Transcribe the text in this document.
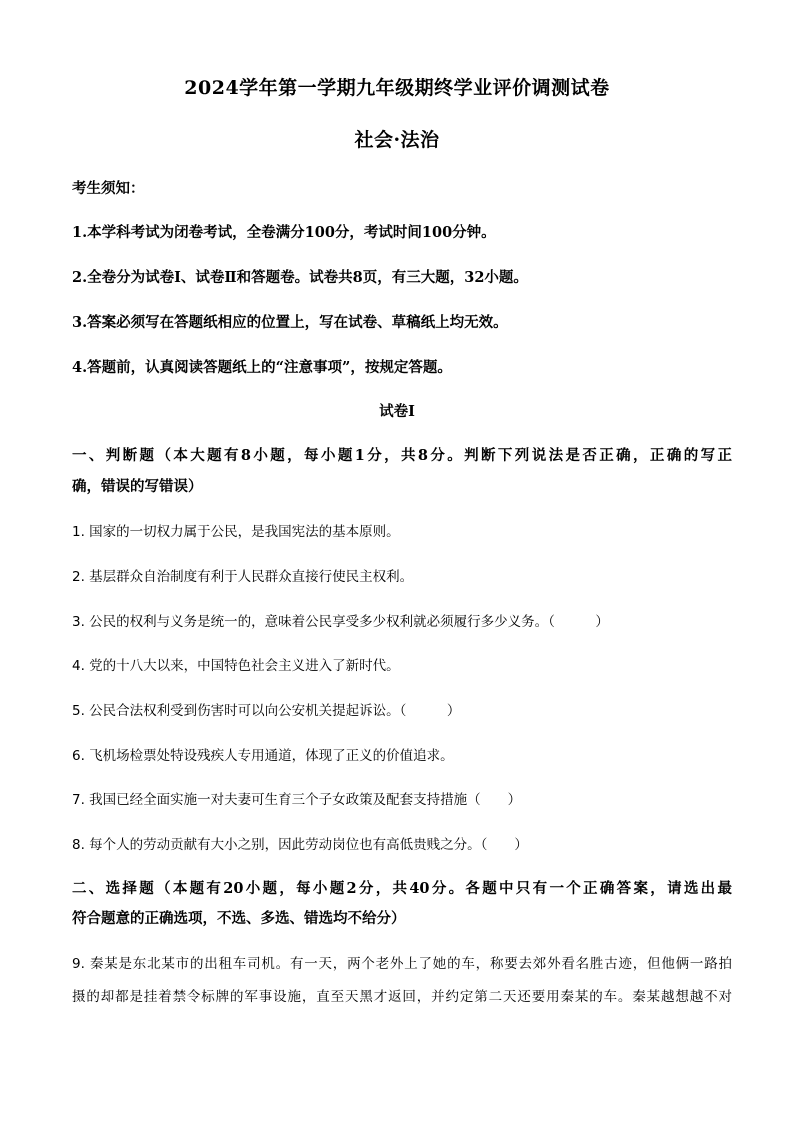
2024学年第一学期九年级期终学业评价调测试卷
社会·法治
考生须知：
1.本学科考试为闭卷考试，全卷满分100分，考试时间100分钟。
2.全卷分为试卷Ⅰ、试卷Ⅱ和答题卷。试卷共8页，有三大题，32小题。
3.答案必须写在答题纸相应的位置上，写在试卷、草稿纸上均无效。
4.答题前，认真阅读答题纸上的“注意事项”，按规定答题。
试卷I
一、判断题（本大题有8小题，每小题1分，共8分。判断下列说法是否正确，正确的写正
确，错误的写错误）
1. 国家的一切权力属于公民，是我国宪法的基本原则。
2. 基层群众自治制度有利于人民群众直接行使民主权利。
3. 公民的权利与义务是统一的，意味着公民享受多少权利就必须履行多少义务。（　　　）
4. 党的十八大以来，中国特色社会主义进入了新时代。
5. 公民合法权利受到伤害时可以向公安机关提起诉讼。（　　　）
6. 飞机场检票处特设残疾人专用通道，体现了正义的价值追求。
7. 我国已经全面实施一对夫妻可生育三个子女政策及配套支持措施（　　）
8. 每个人的劳动贡献有大小之别，因此劳动岗位也有高低贵贱之分。（　　）
二、选择题（本题有20小题，每小题2分，共40分。各题中只有一个正确答案，请选出最
符合题意的正确选项，不选、多选、错选均不给分）
9. 秦某是东北某市的出租车司机。有一天，两个老外上了她的车，称要去郊外看名胜古迹，但他俩一路拍
摄的却都是挂着禁令标牌的军事设施，直至天黑才返回，并约定第二天还要用秦某的车。秦某越想越不对
